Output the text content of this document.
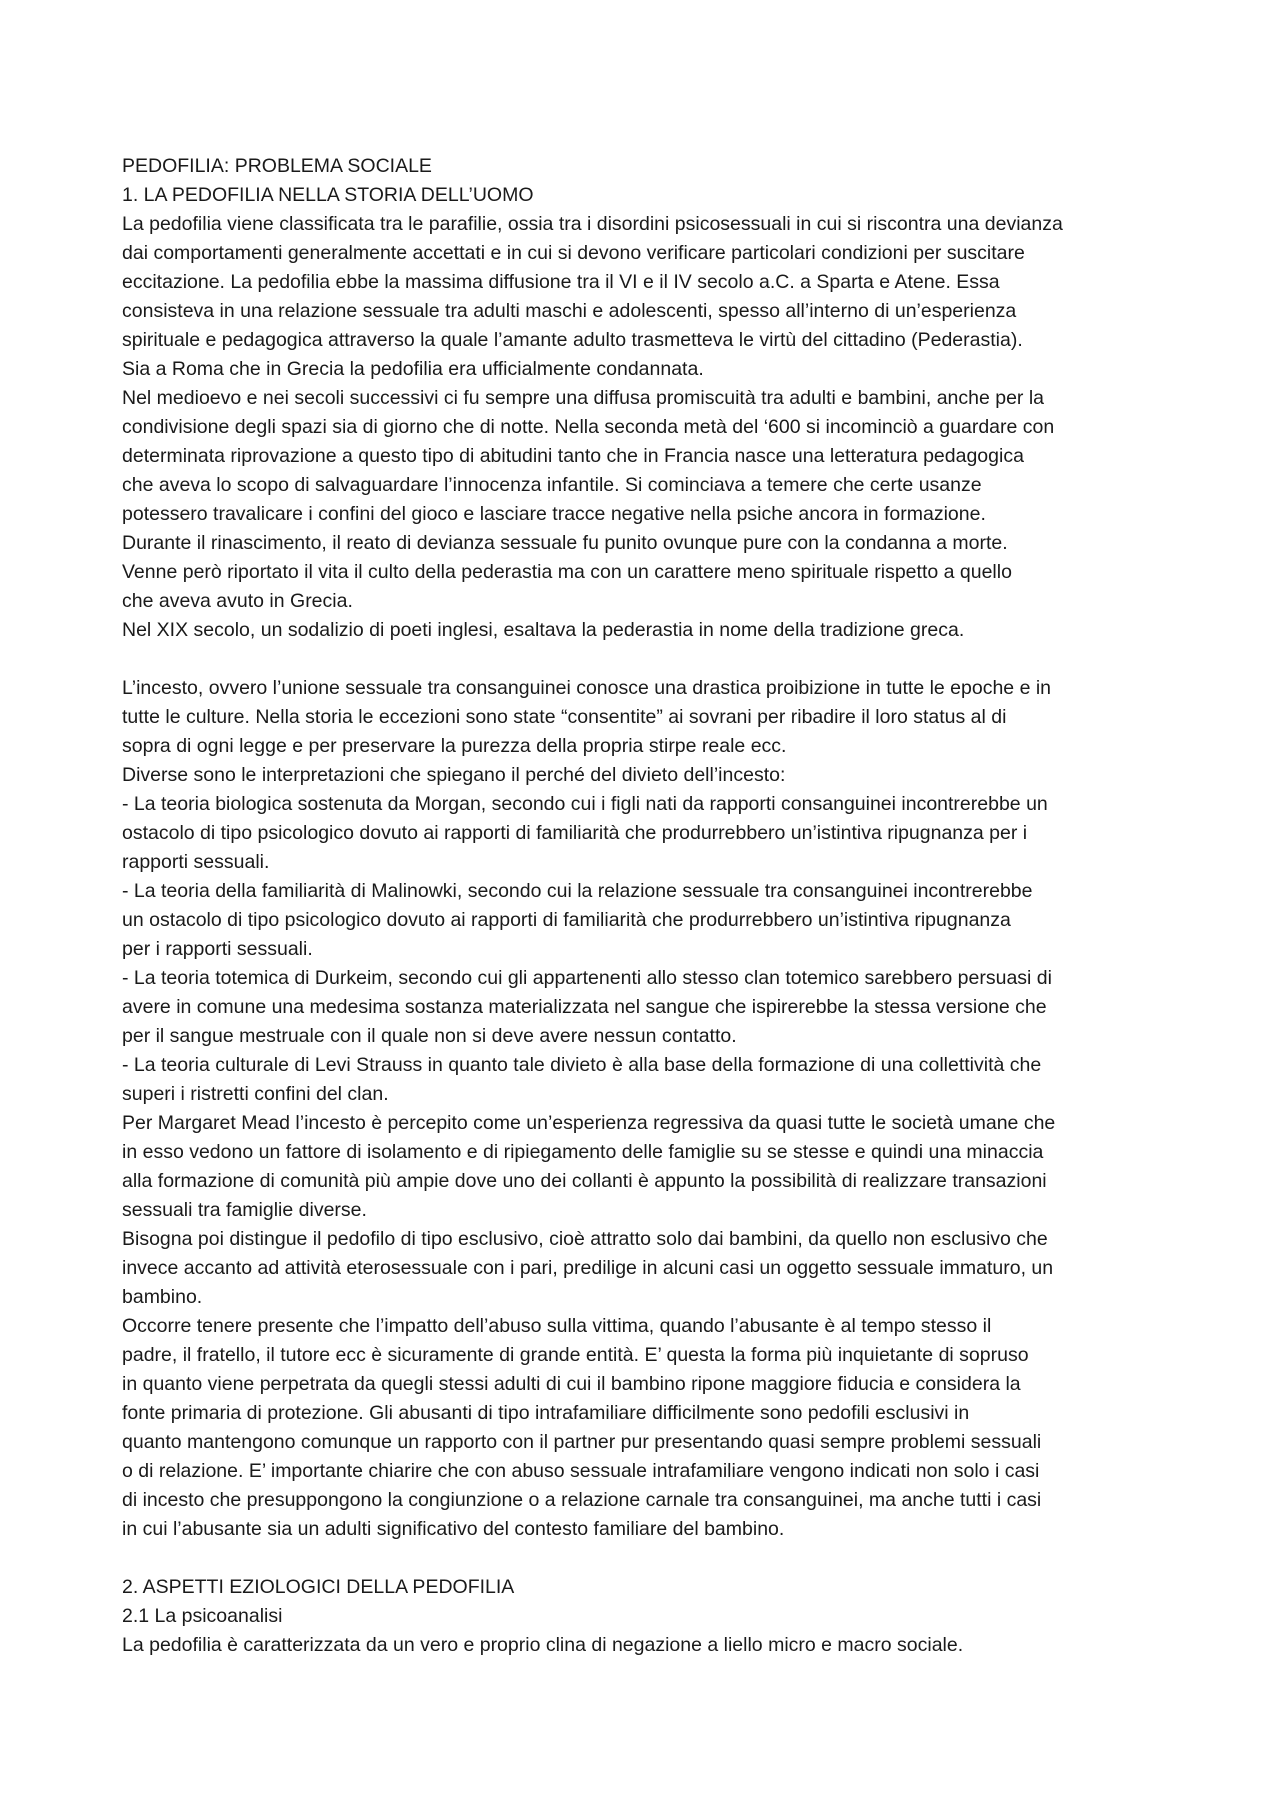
PEDOFILIA: PROBLEMA SOCIALE
1. LA PEDOFILIA NELLA STORIA DELL’UOMO
La pedofilia viene classificata tra le parafilie, ossia tra i disordini psicosessuali in cui si riscontra una devianza
dai comportamenti generalmente accettati e in cui si devono verificare particolari condizioni per suscitare
eccitazione. La pedofilia ebbe la massima diffusione tra il VI e il IV secolo a.C. a Sparta e Atene. Essa
consisteva in una relazione sessuale tra adulti maschi e adolescenti, spesso all’interno di un’esperienza
spirituale e pedagogica attraverso la quale l’amante adulto trasmetteva le virtù del cittadino (Pederastia).
Sia a Roma che in Grecia la pedofilia era ufficialmente condannata.
Nel medioevo e nei secoli successivi ci fu sempre una diffusa promiscuità tra adulti e bambini, anche per la
condivisione degli spazi sia di giorno che di notte. Nella seconda metà del ‘600 si incominciò a guardare con
determinata riprovazione a questo tipo di abitudini tanto che in Francia nasce una letteratura pedagogica
che aveva lo scopo di salvaguardare l’innocenza infantile. Si cominciava a temere che certe usanze
potessero travalicare i confini del gioco e lasciare tracce negative nella psiche ancora in formazione.
Durante il rinascimento, il reato di devianza sessuale fu punito ovunque pure con la condanna a morte.
Venne però riportato il vita il culto della pederastia ma con un carattere meno spirituale rispetto a quello
che aveva avuto in Grecia.
Nel XIX secolo, un sodalizio di poeti inglesi, esaltava la pederastia in nome della tradizione greca.
L’incesto, ovvero l’unione sessuale tra consanguinei conosce una drastica proibizione in tutte le epoche e in
tutte le culture. Nella storia le eccezioni sono state “consentite” ai sovrani per ribadire il loro status al di
sopra di ogni legge e per preservare la purezza della propria stirpe reale ecc.
Diverse sono le interpretazioni che spiegano il perché del divieto dell’incesto:
- La teoria biologica sostenuta da Morgan, secondo cui i figli nati da rapporti consanguinei incontrerebbe un
ostacolo di tipo psicologico dovuto ai rapporti di familiarità che produrrebbero un’istintiva ripugnanza per i
rapporti sessuali.
- La teoria della familiarità di Malinowki, secondo cui la relazione sessuale tra consanguinei incontrerebbe
un ostacolo di tipo psicologico dovuto ai rapporti di familiarità che produrrebbero un’istintiva ripugnanza
per i rapporti sessuali.
- La teoria totemica di Durkeim, secondo cui gli appartenenti allo stesso clan totemico sarebbero persuasi di
avere in comune una medesima sostanza materializzata nel sangue che ispirerebbe la stessa versione che
per il sangue mestruale con il quale non si deve avere nessun contatto.
- La teoria culturale di Levi Strauss in quanto tale divieto è alla base della formazione di una collettività che
superi i ristretti confini del clan.
Per Margaret Mead l’incesto è percepito come un’esperienza regressiva da quasi tutte le società umane che
in esso vedono un fattore di isolamento e di ripiegamento delle famiglie su se stesse e quindi una minaccia
alla formazione di comunità più ampie dove uno dei collanti è appunto la possibilità di realizzare transazioni
sessuali tra famiglie diverse.
Bisogna poi distingue il pedofilo di tipo esclusivo, cioè attratto solo dai bambini, da quello non esclusivo che
invece accanto ad attività eterosessuale con i pari, predilige in alcuni casi un oggetto sessuale immaturo, un
bambino.
Occorre tenere presente che l’impatto dell’abuso sulla vittima, quando l’abusante è al tempo stesso il
padre, il fratello, il tutore ecc è sicuramente di grande entità. E’ questa la forma più inquietante di sopruso
in quanto viene perpetrata da quegli stessi adulti di cui il bambino ripone maggiore fiducia e considera la
fonte primaria di protezione. Gli abusanti di tipo intrafamiliare difficilmente sono pedofili esclusivi in
quanto mantengono comunque un rapporto con il partner pur presentando quasi sempre problemi sessuali
o di relazione. E’ importante chiarire che con abuso sessuale intrafamiliare vengono indicati non solo i casi
di incesto che presuppongono la congiunzione o a relazione carnale tra consanguinei, ma anche tutti i casi
in cui l’abusante sia un adulti significativo del contesto familiare del bambino.
2. ASPETTI EZIOLOGICI DELLA PEDOFILIA
2.1 La psicoanalisi
La pedofilia è caratterizzata da un vero e proprio clina di negazione a liello micro e macro sociale.
